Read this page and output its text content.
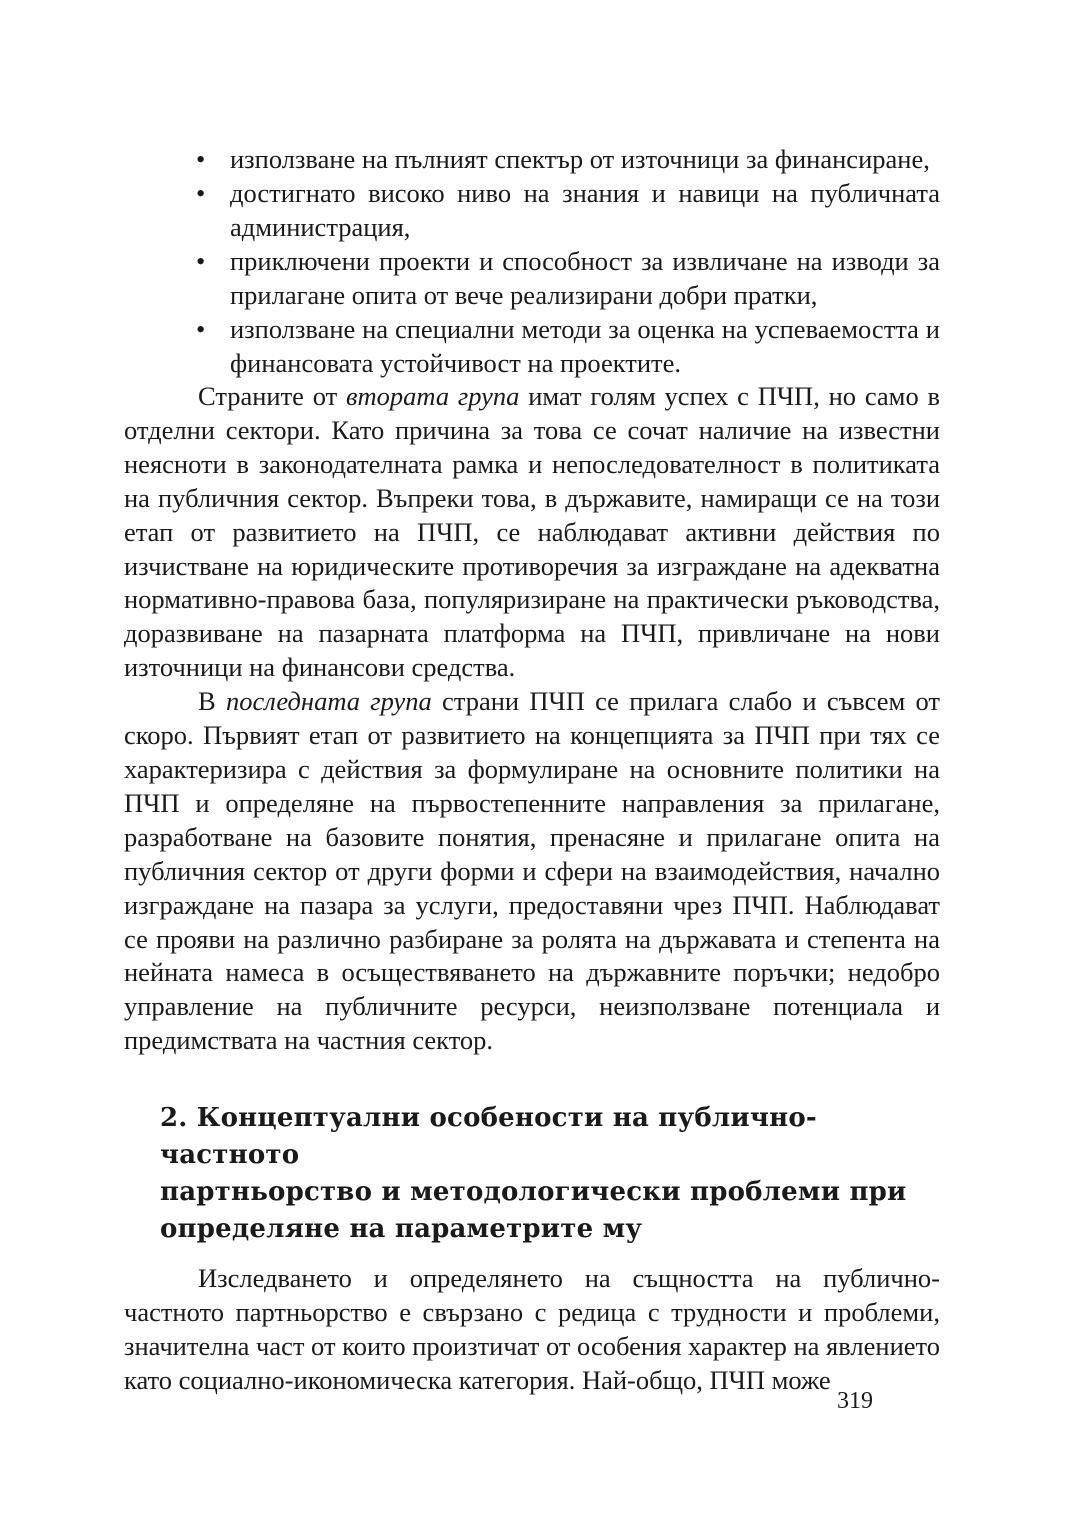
• използване на пълният спектър от източници за финансиране,
• достигнато високо ниво на знания и навици на публичната администрация,
• приключени проекти и способност за извличане на изводи за прилагане опита от вече реализирани добри пратки,
• използване на специални методи за оценка на успеваемостта и финансовата устойчивост на проектите.

Страните от втората група имат голям успех с ПЧП, но само в отделни сектори. Като причина за това се сочат наличие на известни неясноти в законодателната рамка и непоследователност в политиката на публичния сектор. Въпреки това, в държавите, намиращи се на този етап от развитието на ПЧП, се наблюдават активни действия по изчистване на юридическите противоречия за изграждане на адекватна нормативно-правова база, популяризиране на практически ръководства, доразвиване на пазарната платформа на ПЧП, привличане на нови източници на финансови средства.

В последната група страни ПЧП се прилага слабо и съвсем от скоро. Първият етап от развитието на концепцията за ПЧП при тях се характеризира с действия за формулиране на основните политики на ПЧП и определяне на първостепенните направления за прилагане, разработване на базовите понятия, пренасяне и прилагане опита на публичния сектор от други форми и сфери на взаимодействия, начално изграждане на пазара за услуги, предоставяни чрез ПЧП. Наблюдават се прояви на различно разбиране за ролята на държавата и степента на нейната намеса в осъществяването на държавните поръчки; недобро управление на публичните ресурси, неизползване потенциала и предимствата на частния сектор.

2. Концептуални особености на публично-частното
партньорство и методологически проблеми при
определяне на параметрите му

Изследването и определянето на същността на публично-частното партньорство е свързано с редица с трудности и проблеми, значителна част от които произтичат от особения характер на явлението като социално-икономическа категория. Най-общо, ПЧП може

319
